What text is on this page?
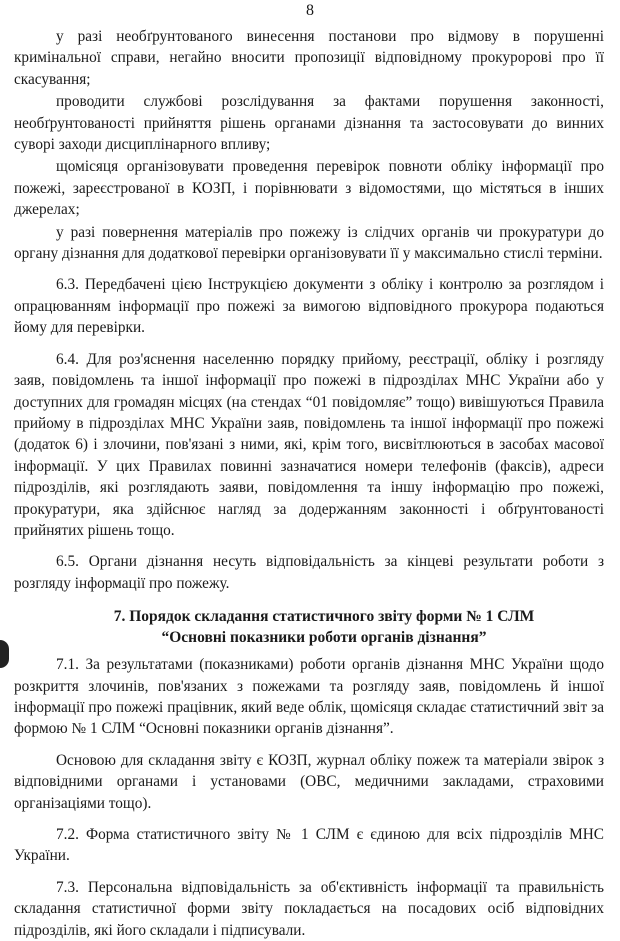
8

у разі необґрунтованого винесення постанови про відмову в порушенні кримінальної справи, негайно вносити пропозиції відповідному прокуророві про її скасування;

проводити службові розслідування за фактами порушення законності, необґрунтованості прийняття рішень органами дізнання та застосовувати до винних суворі заходи дисциплінарного впливу;

щомісяця організовувати проведення перевірок повноти обліку інформації про пожежі, зареєстрованої в КОЗП, і порівнювати з відомостями, що містяться в інших джерелах;

у разі повернення матеріалів про пожежу із слідчих органів чи прокуратури до органу дізнання для додаткової перевірки організовувати її у максимально стислі терміни.

6.3. Передбачені цією Інструкцією документи з обліку і контролю за розглядом і опрацюванням інформації про пожежі за вимогою відповідного прокурора подаються йому для перевірки.

6.4. Для роз'яснення населенню порядку прийому, реєстрації, обліку і розгляду заяв, повідомлень та іншої інформації про пожежі в підрозділах МНС України або у доступних для громадян місцях (на стендах “01 повідомляє” тощо) вивішуються Правила прийому в підрозділах МНС України заяв, повідомлень та іншої інформації про пожежі (додаток 6) і злочини, пов'язані з ними, які, крім того, висвітлюються в засобах масової інформації. У цих Правилах повинні зазначатися номери телефонів (факсів), адреси підрозділів, які розглядають заяви, повідомлення та іншу інформацію про пожежі, прокуратури, яка здійснює нагляд за додержанням законності і обґрунтованості прийнятих рішень тощо.

6.5. Органи дізнання несуть відповідальність за кінцеві результати роботи з розгляду інформації про пожежу.

7. Порядок складання статистичного звіту форми № 1 СЛМ
“Основні показники роботи органів дізнання”

7.1. За результатами (показниками) роботи органів дізнання МНС України щодо розкриття злочинів, пов'язаних з пожежами та розгляду заяв, повідомлень й іншої інформації про пожежі працівник, який веде облік, щомісяця складає статистичний звіт за формою № 1 СЛМ “Основні показники органів дізнання”.

Основою для складання звіту є КОЗП, журнал обліку пожеж та матеріали звірок з відповідними органами і установами (ОВС, медичними закладами, страховими організаціями тощо).

7.2. Форма статистичного звіту № 1 СЛМ є єдиною для всіх підрозділів МНС України.

7.3. Персональна відповідальність за об'єктивність інформації та правильність складання статистичної форми звіту покладається на посадових осіб відповідних підрозділів, які його складали і підписували.
